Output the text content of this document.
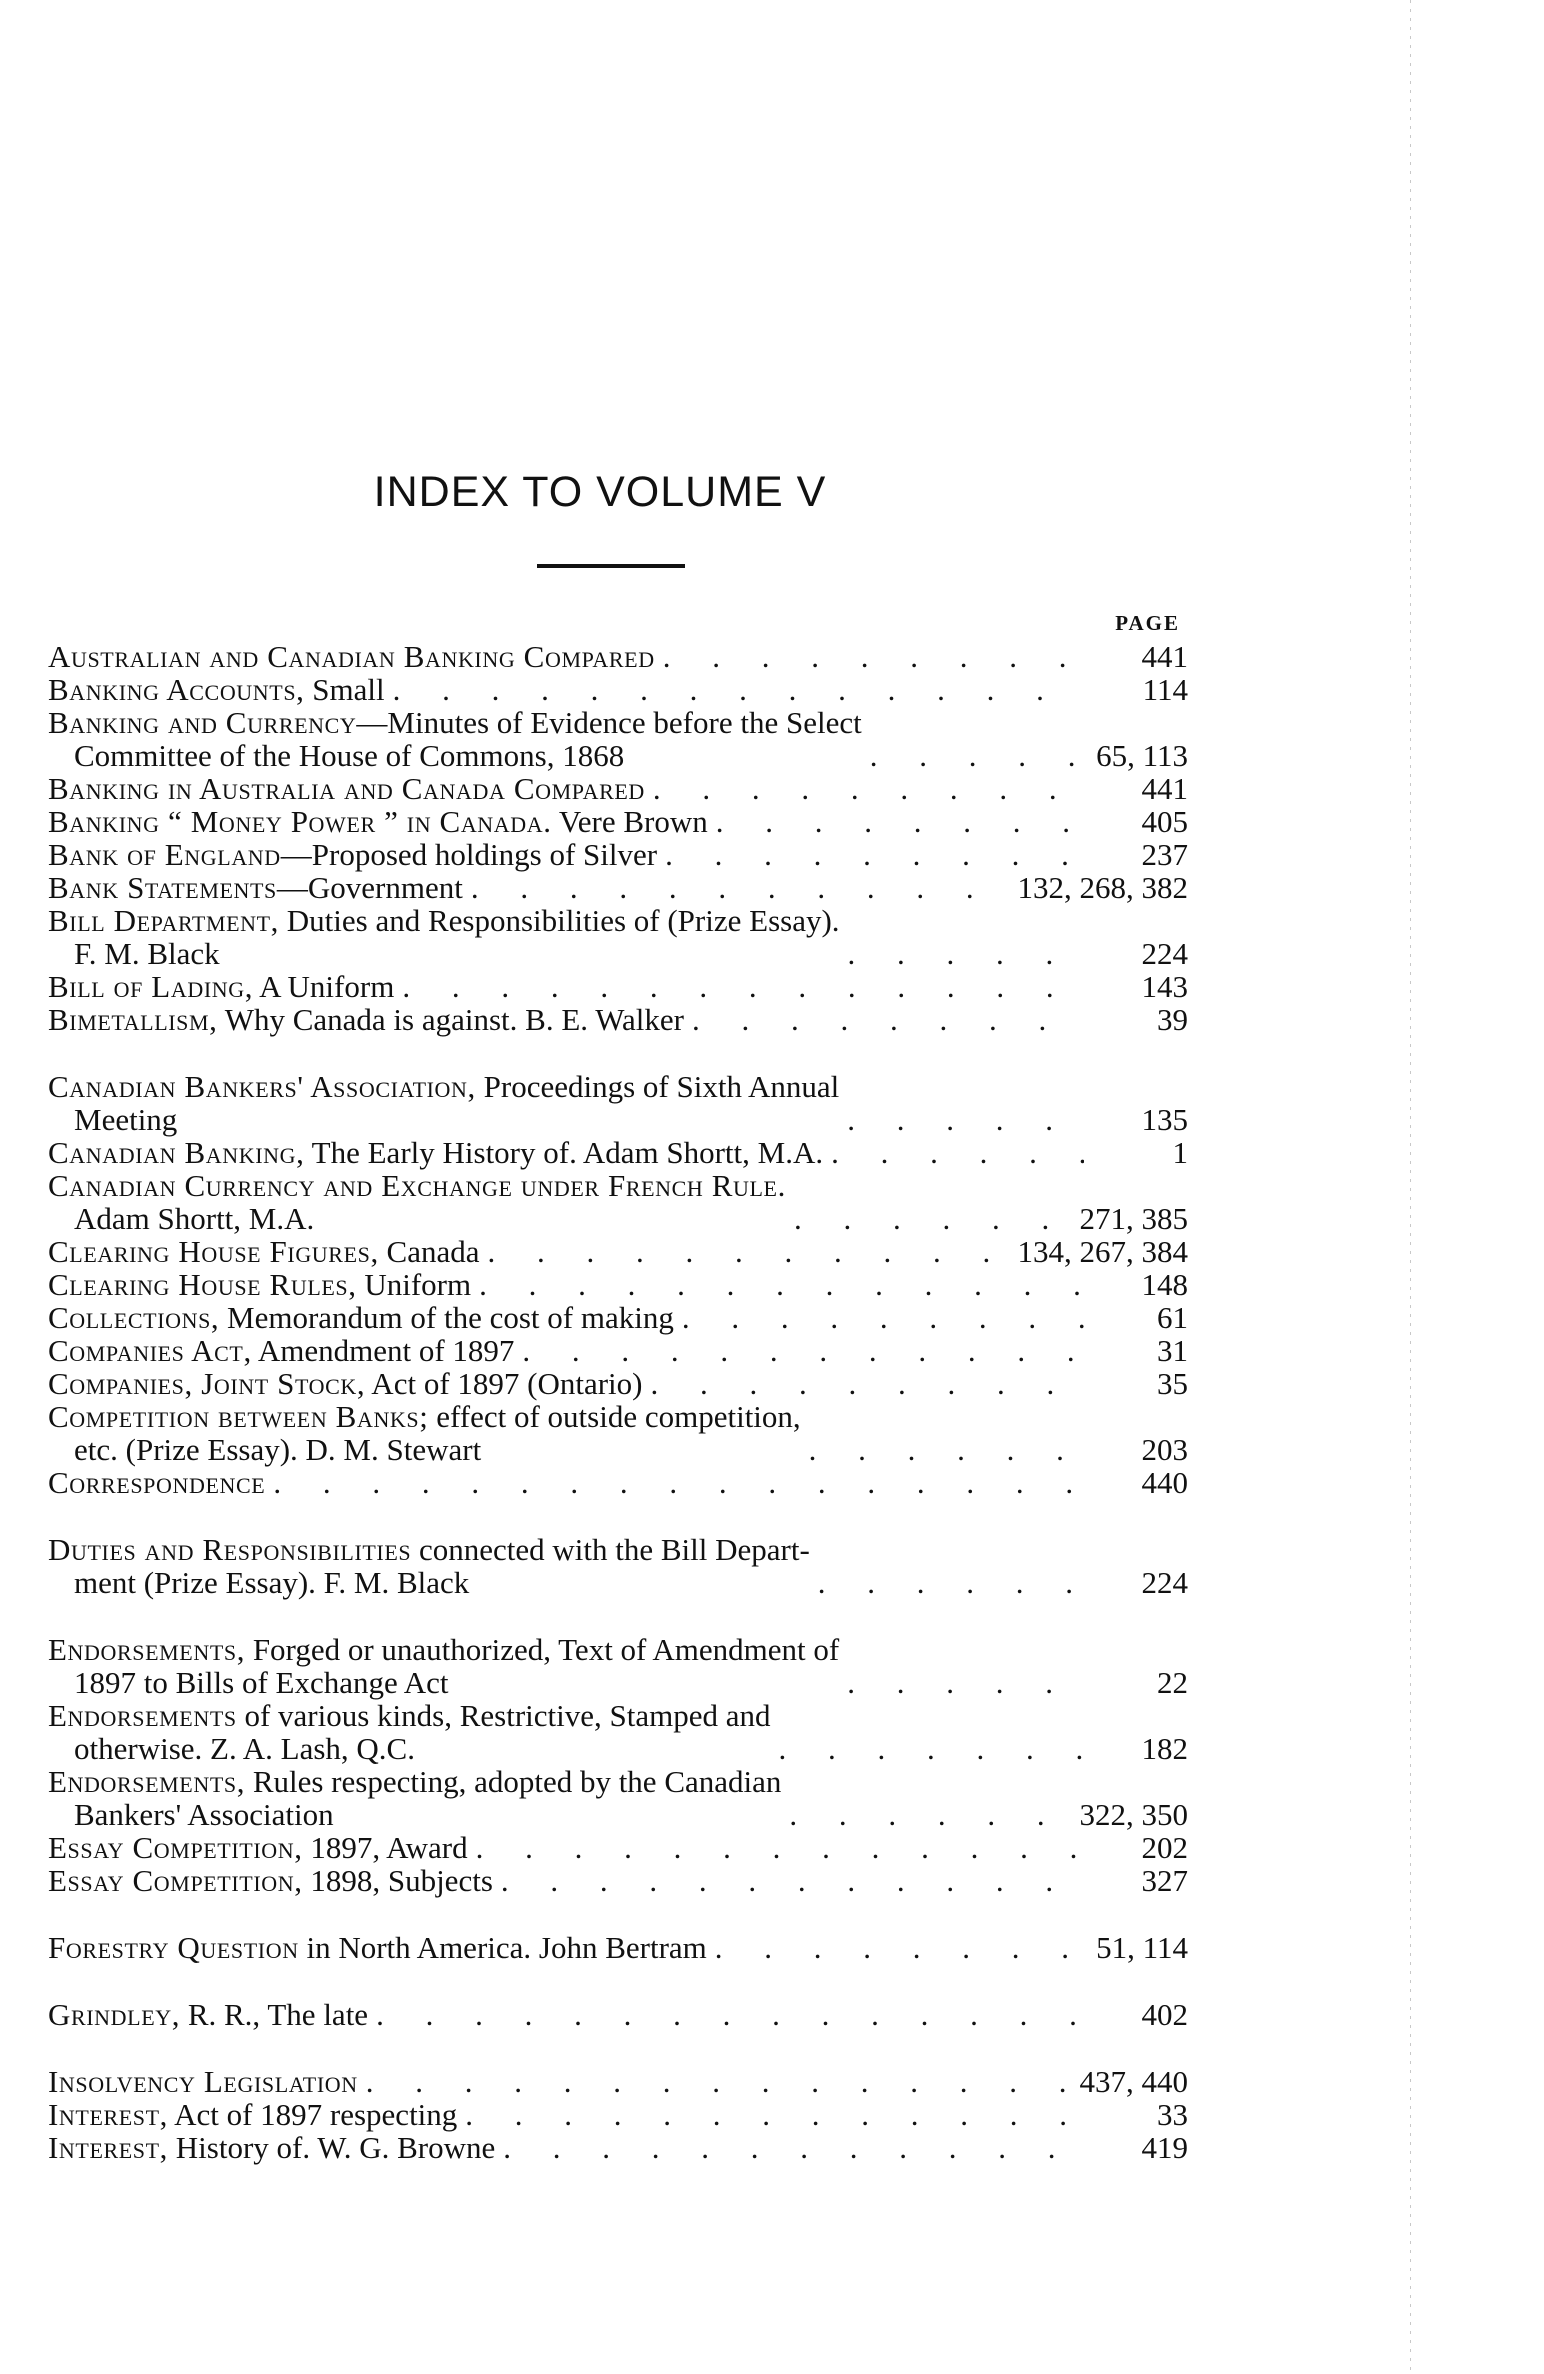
INDEX TO VOLUME V
PAGE
Australian and Canadian Banking Compared . . .	441
Banking Accounts, Small . . .	114
Banking and Currency—Minutes of Evidence before the Select
Committee of the House of Commons, 1868 . . .	65, 113
Banking in Australia and Canada Compared . . .	441
Banking “ Money Power ” in Canada. Vere Brown . . .	405
Bank of England—Proposed holdings of Silver . . .	237
Bank Statements—Government . . .	132, 268, 382
Bill Department, Duties and Responsibilities of (Prize Essay).
F. M. Black . . .	224
Bill of Lading, A Uniform . . .	143
Bimetallism, Why Canada is against. B. E. Walker . . .	39
Canadian Bankers' Association, Proceedings of Sixth Annual
Meeting . . .	135
Canadian Banking, The Early History of. Adam Shortt, M.A. . . .	1
Canadian Currency and Exchange under French Rule.
Adam Shortt, M.A. . . .	271, 385
Clearing House Figures, Canada . . .	134, 267, 384
Clearing House Rules, Uniform . . .	148
Collections, Memorandum of the cost of making . . .	61
Companies Act, Amendment of 1897 . . .	31
Companies, Joint Stock, Act of 1897 (Ontario) . . .	35
Competition between Banks; effect of outside competition,
etc. (Prize Essay). D. M. Stewart . . .	203
Correspondence . . .	440
Duties and Responsibilities connected with the Bill Depart-
ment (Prize Essay). F. M. Black . . .	224
Endorsements, Forged or unauthorized, Text of Amendment of
1897 to Bills of Exchange Act . . .	22
Endorsements of various kinds, Restrictive, Stamped and
otherwise. Z. A. Lash, Q.C. . . .	182
Endorsements, Rules respecting, adopted by the Canadian
Bankers' Association . . .	322, 350
Essay Competition, 1897, Award . . .	202
Essay Competition, 1898, Subjects . . .	327
Forestry Question in North America. John Bertram . . .	51, 114
Grindley, R. R., The late . . .	402
Insolvency Legislation . . .	437, 440
Interest, Act of 1897 respecting . . .	33
Interest, History of. W. G. Browne . . .	419
